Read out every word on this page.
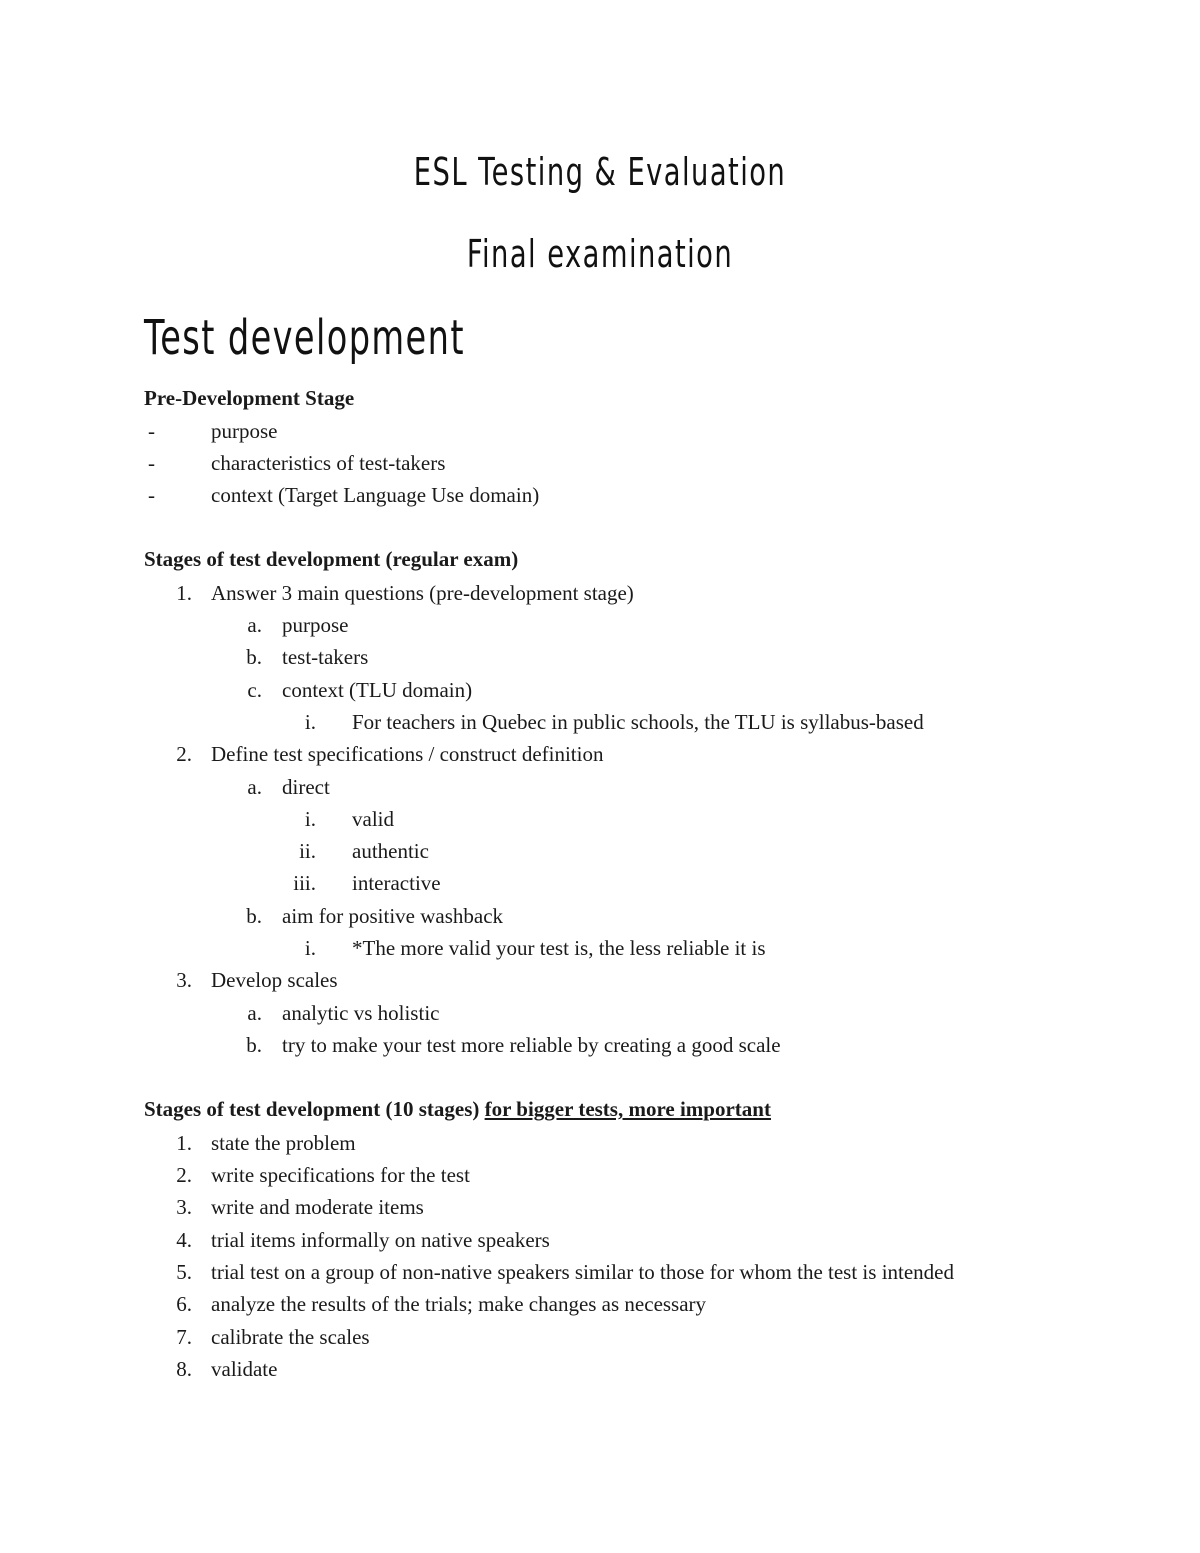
ESL Testing & Evaluation
Final examination
Test development
Pre-Development Stage
-	purpose
-	characteristics of test-takers
-	context (Target Language Use domain)
Stages of test development (regular exam)
1. Answer 3 main questions (pre-development stage)
a. purpose
b. test-takers
c. context (TLU domain)
i. For teachers in Quebec in public schools, the TLU is syllabus-based
2. Define test specifications / construct definition
a. direct
i. valid
ii. authentic
iii. interactive
b. aim for positive washback
i. *The more valid your test is, the less reliable it is
3. Develop scales
a. analytic vs holistic
b. try to make your test more reliable by creating a good scale
Stages of test development (10 stages) for bigger tests, more important
1. state the problem
2. write specifications for the test
3. write and moderate items
4. trial items informally on native speakers
5. trial test on a group of non-native speakers similar to those for whom the test is intended
6. analyze the results of the trials; make changes as necessary
7. calibrate the scales
8. validate
